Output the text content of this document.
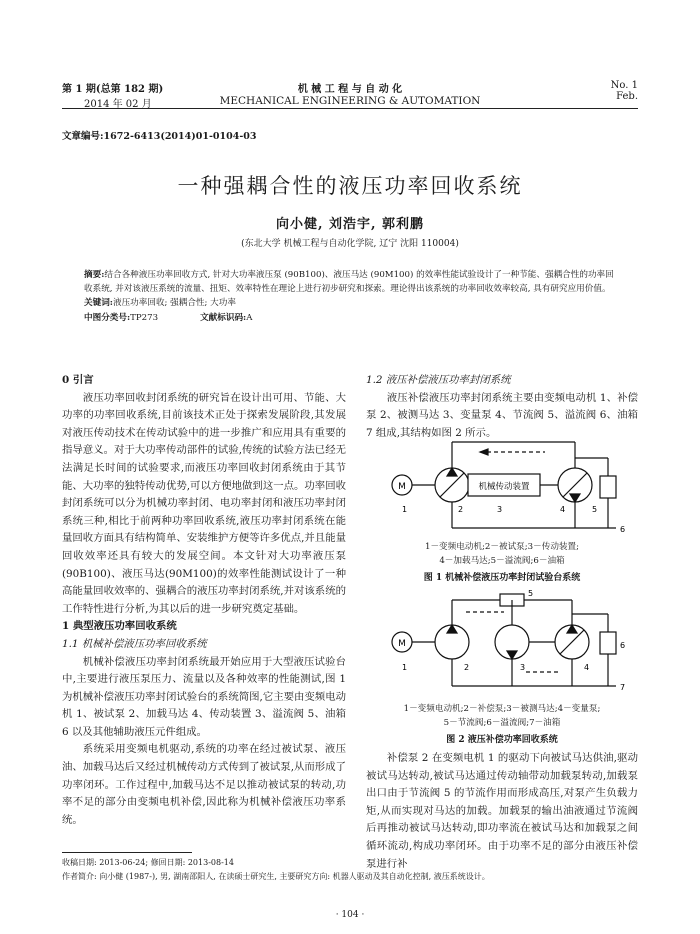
第 1 期(总第 182 期)
2014 年 02 月
机 械 工 程 与 自 动 化
MECHANICAL ENGINEERING & AUTOMATION
No. 1
Feb.
文章编号:1672-6413(2014)01-0104-03
一种强耦合性的液压功率回收系统
向小健, 刘浩宇, 郭利鹏
(东北大学 机械工程与自动化学院, 辽宁 沈阳 110004)
摘要:结合各种液压功率回收方式, 针对大功率液压泵 (90B100)、液压马达 (90M100) 的效率性能试验设计了一种节能、强耦合性的功率回收系统, 并对该液压系统的流量、扭矩、效率特性在理论上进行初步研究和探索。理论得出该系统的功率回收效率较高, 具有研究应用价值。
关键词:液压功率回收; 强耦合性; 大功率
中图分类号:TP273	文献标识码:A
0 引言

液压功率回收封闭系统的研究旨在设计出可用、节能、大功率的功率回收系统,目前该技术正处于探索发展阶段,其发展对液压传动技术在传动试验中的进一步推广和应用具有重要的指导意义。对于大功率传动部件的试验,传统的试验方法已经无法满足长时间的试验要求,而液压功率回收封闭系统由于其节能、大功率的独特传动优势,可以方便地做到这一点。功率回收封闭系统可以分为机械功率封闭、电功率封闭和液压功率封闭系统三种,相比于前两种功率回收系统,液压功率封闭系统在能量回收方面具有结构简单、安装维护方便等许多优点,并且能量回收效率还具有较大的发展空间。本文针对大功率液压泵(90B100)、液压马达(90M100)的效率性能测试设计了一种高能量回收效率的、强耦合的液压功率封闭系统,并对该系统的工作特性进行分析,为其以后的进一步研究奠定基础。

1 典型液压功率回收系统
1.1 机械补偿液压功率回收系统

机械补偿液压功率封闭系统最开始应用于大型液压试验台中,主要进行液压泵压力、流量以及各种效率的性能测试,图 1 为机械补偿液压功率封闭试验台的系统简图,它主要由变频电动机 1、被试泵 2、加载马达 4、传动装置 3、溢流阀 5、油箱 6 以及其他辅助液压元件组成。

系统采用变频电机驱动,系统的功率在经过被试泵、液压油、加载马达后又经过机械传动方式传到了被试泵,从而形成了功率闭环。工作过程中,加载马达不足以推动被试泵的转动,功率不足的部分由变频电机补偿,因此称为机械补偿液压功率系统。

1.2 液压补偿液压功率封闭系统

液压补偿液压功率封闭系统主要由变频电动机 1、补偿泵 2、被测马达 3、变量泵 4、节流阀 5、溢流阀 6、油箱 7 组成,其结构如图 2 所示。

M	机械传动装置
1	2	3	4	5
6
1－变频电动机;2－被试泵;3－传动装置;
4－加载马达;5－溢流阀;6－油箱
图 1 机械补偿液压功率封闭试验台系统
M
1	2	3	4
5
6
7
1－变频电动机;2－补偿泵;3－被测马达;4－变量泵;
5－节流阀;6－溢流阀;7－油箱
图 2 液压补偿功率回收系统

补偿泵 2 在变频电机 1 的驱动下向被试马达供油,驱动被试马达转动,被试马达通过传动轴带动加载泵转动,加载泵出口由于节流阀 5 的节流作用而形成高压,对泵产生负载力矩,从而实现对马达的加载。加载泵的输出油液通过节流阀后再推动被试马达转动,即功率流在被试马达和加载泵之间循环流动,构成功率闭环。由于功率不足的部分由液压补偿泵进行补

收稿日期: 2013-06-24; 修回日期: 2013-08-14
作者简介: 向小健 (1987-), 男, 湖南邵阳人, 在读硕士研究生, 主要研究方向: 机器人驱动及其自动化控制, 液压系统设计。
· 104 ·
